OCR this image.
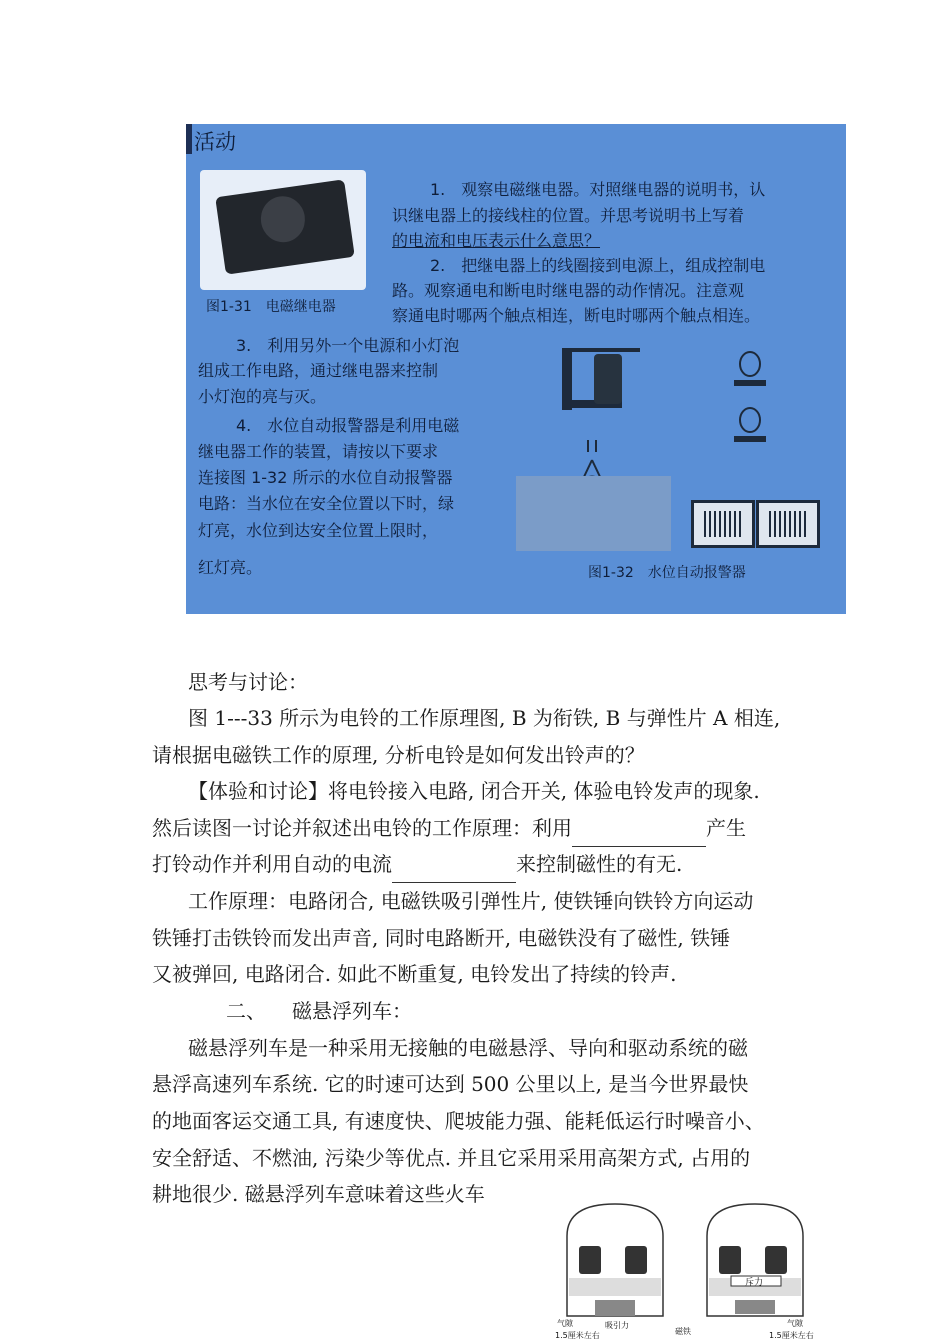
活动
图1-31　电磁继电器
1.　观察电磁继电器。对照继电器的说明书，认
识继电器上的接线柱的位置。并思考说明书上写着
的电流和电压表示什么意思？
2.　把继电器上的线圈接到电源上，组成控制电
路。观察通电和断电时继电器的动作情况。注意观
察通电时哪两个触点相连，断电时哪两个触点相连。
3.　利用另外一个电源和小灯泡
组成工作电路，通过继电器来控制
小灯泡的亮与灭。
4.　水位自动报警器是利用电磁
继电器工作的装置，请按以下要求
连接图 1-32 所示的水位自动报警器
电路：当水位在安全位置以下时，绿
灯亮，水位到达安全位置上限时，
红灯亮。	图1-32　水位自动报警器
思考与讨论：
图 1---33 所示为电铃的工作原理图, B 为衔铁, B 与弹性片 A 相连,
请根据电磁铁工作的原理, 分析电铃是如何发出铃声的？
【体验和讨论】将电铃接入电路, 闭合开关, 体验电铃发声的现象.
然后读图一讨论并叙述出电铃的工作原理：利用	产生
打铃动作并利用自动的电流	来控制磁性的有无.
工作原理：电路闭合, 电磁铁吸引弹性片, 使铁锤向铁铃方向运动
铁锤打击铁铃而发出声音, 同时电路断开, 电磁铁没有了磁性, 铁锤
又被弹回, 电路闭合. 如此不断重复, 电铃发出了持续的铃声.
二、 磁悬浮列车：
磁悬浮列车是一种采用无接触的电磁悬浮、导向和驱动系统的磁
悬浮高速列车系统. 它的时速可达到 500 公里以上, 是当今世界最快
的地面客运交通工具, 有速度快、爬坡能力强、能耗低运行时噪音小、
安全舒适、不燃油, 污染少等优点. 并且它采用采用高架方式, 占用的
耕地很少. 磁悬浮列车意味着这些火车
斥力
气隙
1.5厘米左右
吸引力
磁铁
气隙
1.5厘米左右
